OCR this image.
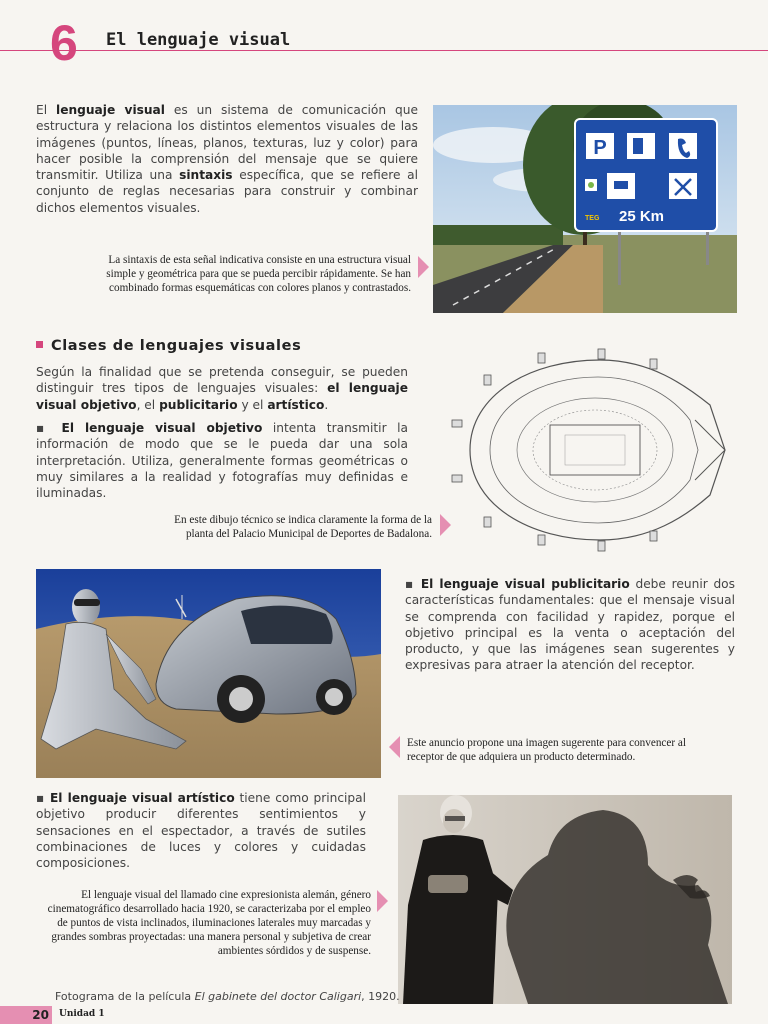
6 El lenguaje visual
El lenguaje visual es un sistema de comunicación que estructura y relaciona los distintos elementos visuales de las imágenes (puntos, líneas, planos, texturas, luz y color) para hacer posible la comprensión del mensaje que se quiere transmitir. Utiliza una sintaxis específica, que se refiere al conjunto de reglas necesarias para construir y combinar dichos elementos visuales.
P
TEG 25 Km
La sintaxis de esta señal indicativa consiste en una estructura visual simple y geométrica para que se pueda percibir rápidamente. Se han combinado formas esquemáticas con colores planos y contrastados.
Clases de lenguajes visuales
Según la finalidad que se pretenda conseguir, se pueden distinguir tres tipos de lenguajes visuales: el lenguaje visual objetivo, el publicitario y el artístico.
▪ El lenguaje visual objetivo intenta transmitir la información de modo que se le pueda dar una sola interpretación. Utiliza, generalmente formas geométricas o muy similares a la realidad y fotografías muy definidas e iluminadas.
En este dibujo técnico se indica claramente la forma de la planta del Palacio Municipal de Deportes de Badalona.
▪ El lenguaje visual publicitario debe reunir dos características fundamentales: que el mensaje visual se comprenda con facilidad y rapidez, porque el objetivo principal es la venta o aceptación del producto, y que las imágenes sean sugerentes y expresivas para atraer la atención del receptor.
Este anuncio propone una imagen sugerente para convencer al receptor de que adquiera un producto determinado.
▪ El lenguaje visual artístico tiene como principal objetivo producir diferentes sentimientos y sensaciones en el espectador, a través de sutiles combinaciones de luces y colores y cuidadas composiciones.
El lenguaje visual del llamado cine expresionista alemán, género cinematográfico desarrollado hacia 1920, se caracterizaba por el empleo de puntos de vista inclinados, iluminaciones laterales muy marcadas y grandes sombras proyectadas: una manera personal y subjetiva de crear ambientes sórdidos y de suspense.
Fotograma de la película El gabinete del doctor Caligari, 1920.
20	Unidad 1
